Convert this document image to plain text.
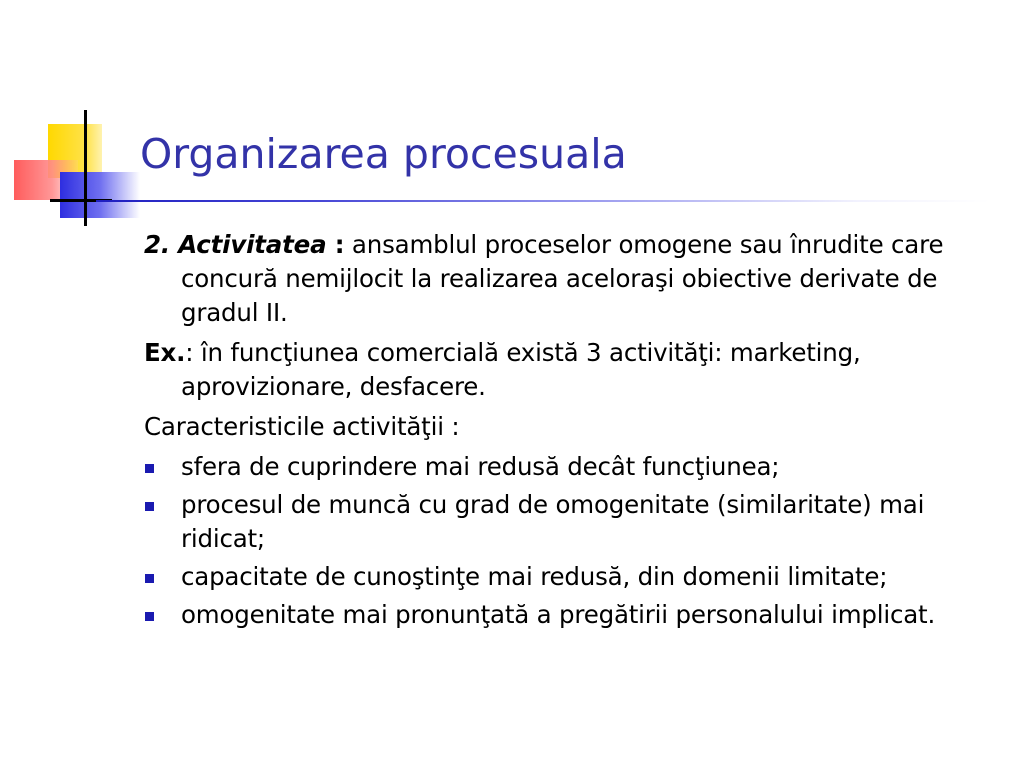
Organizarea procesuala

2. Activitatea : ansamblul proceselor omogene sau înrudite care concură nemijlocit la realizarea aceloraşi obiective derivate de gradul II.

Ex.: în funcţiunea comercială există 3 activităţi: marketing, aprovizionare, desfacere.

Caracteristicile activităţii :

sfera de cuprindere mai redusă decât funcţiunea;
procesul de muncă cu grad de omogenitate (similaritate) mai ridicat;
capacitate de cunoştinţe mai redusă, din domenii limitate;
omogenitate mai pronunţată a pregătirii personalului implicat.
